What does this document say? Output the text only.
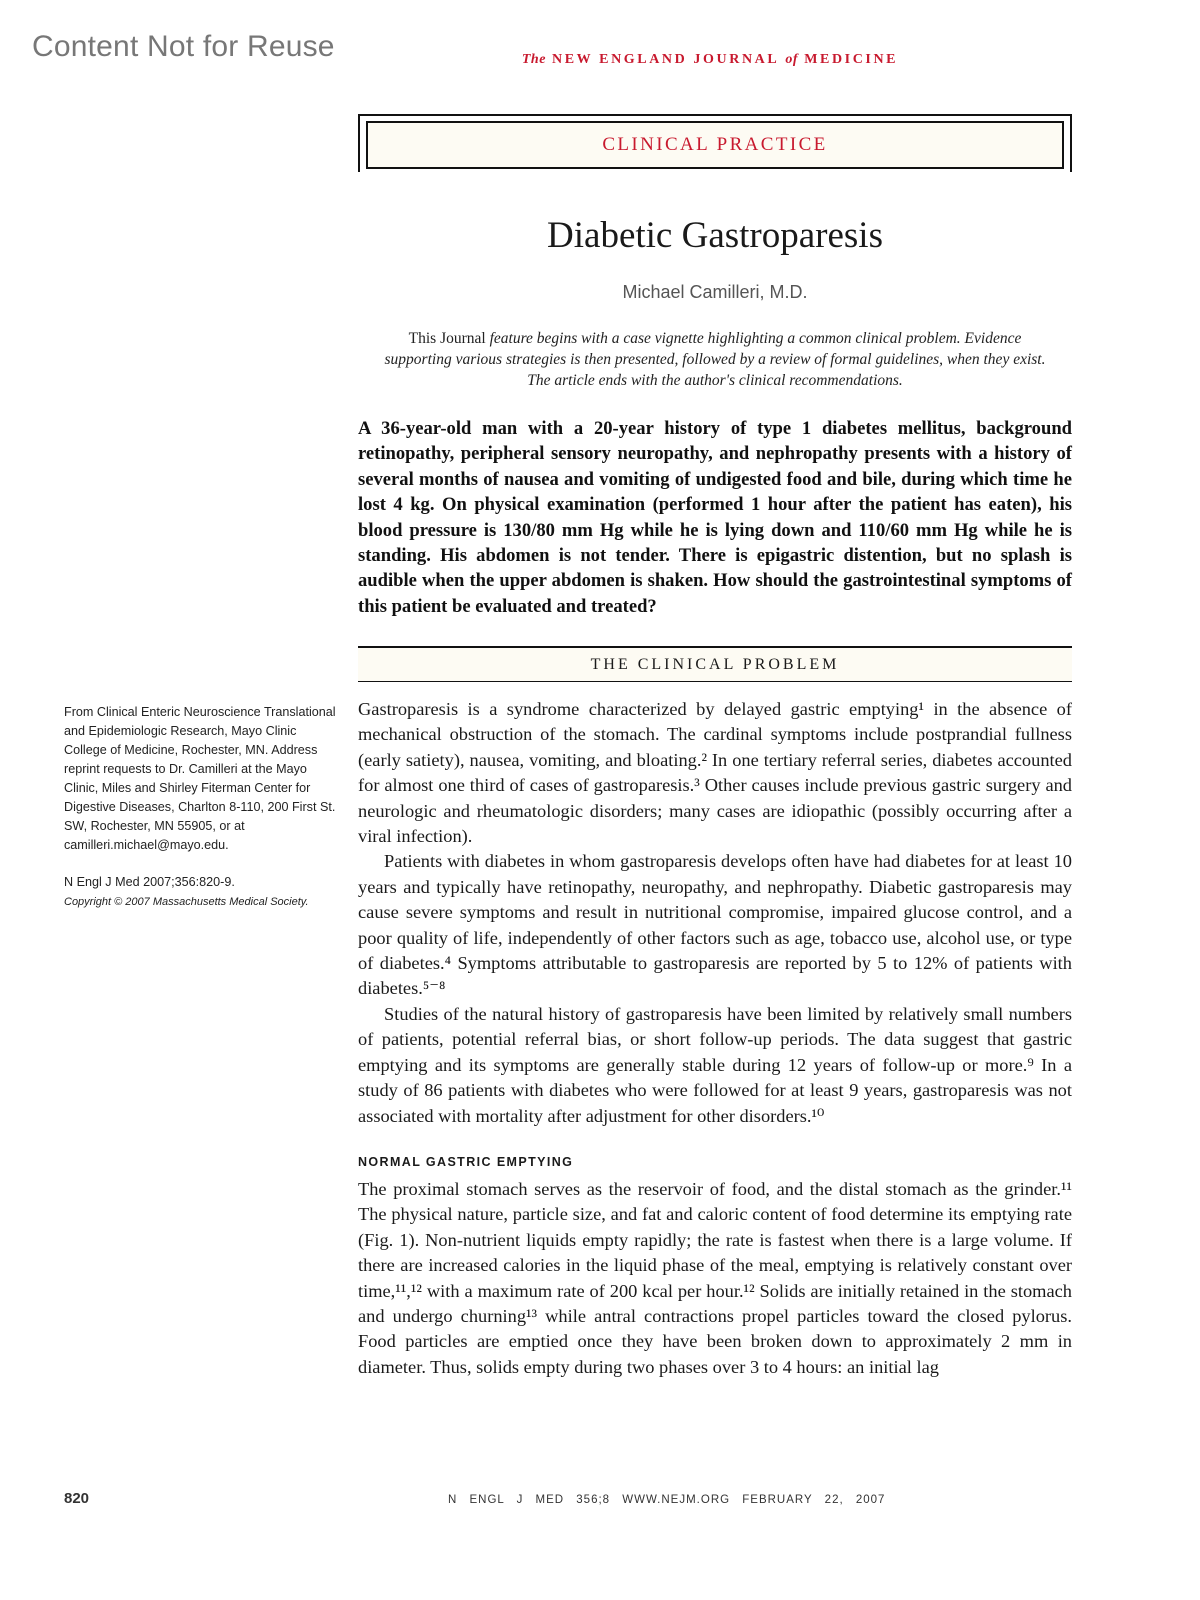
Content Not for Reuse	The NEW ENGLAND JOURNAL of MEDICINE
CLINICAL PRACTICE
Diabetic Gastroparesis
Michael Camilleri, M.D.

This Journal feature begins with a case vignette highlighting a common clinical problem. Evidence supporting various strategies is then presented, followed by a review of formal guidelines, when they exist. The article ends with the author's clinical recommendations.

A 36-year-old man with a 20-year history of type 1 diabetes mellitus, background retinopathy, peripheral sensory neuropathy, and nephropathy presents with a history of several months of nausea and vomiting of undigested food and bile, during which time he lost 4 kg. On physical examination (performed 1 hour after the patient has eaten), his blood pressure is 130/80 mm Hg while he is lying down and 110/60 mm Hg while he is standing. His abdomen is not tender. There is epigastric distention, but no splash is audible when the upper abdomen is shaken. How should the gastrointestinal symptoms of this patient be evaluated and treated?

THE CLINICAL PROBLEM

From Clinical Enteric Neuroscience Translational and Epidemiologic Research, Mayo Clinic College of Medicine, Rochester, MN. Address reprint requests to Dr. Camilleri at the Mayo Clinic, Miles and Shirley Fiterman Center for Digestive Diseases, Charlton 8-110, 200 First St. SW, Rochester, MN 55905, or at camilleri.michael@mayo.edu.

N Engl J Med 2007;356:820-9.

Copyright © 2007 Massachusetts Medical Society.

Gastroparesis is a syndrome characterized by delayed gastric emptying¹ in the absence of mechanical obstruction of the stomach. The cardinal symptoms include postprandial fullness (early satiety), nausea, vomiting, and bloating.² In one tertiary referral series, diabetes accounted for almost one third of cases of gastroparesis.³ Other causes include previous gastric surgery and neurologic and rheumatologic disorders; many cases are idiopathic (possibly occurring after a viral infection).

Patients with diabetes in whom gastroparesis develops often have had diabetes for at least 10 years and typically have retinopathy, neuropathy, and nephropathy. Diabetic gastroparesis may cause severe symptoms and result in nutritional compromise, impaired glucose control, and a poor quality of life, independently of other factors such as age, tobacco use, alcohol use, or type of diabetes.⁴ Symptoms attributable to gastroparesis are reported by 5 to 12% of patients with diabetes.⁵⁻⁸

Studies of the natural history of gastroparesis have been limited by relatively small numbers of patients, potential referral bias, or short follow-up periods. The data suggest that gastric emptying and its symptoms are generally stable during 12 years of follow-up or more.⁹ In a study of 86 patients with diabetes who were followed for at least 9 years, gastroparesis was not associated with mortality after adjustment for other disorders.¹⁰

NORMAL GASTRIC EMPTYING

The proximal stomach serves as the reservoir of food, and the distal stomach as the grinder.¹¹ The physical nature, particle size, and fat and caloric content of food determine its emptying rate (Fig. 1). Non-nutrient liquids empty rapidly; the rate is fastest when there is a large volume. If there are increased calories in the liquid phase of the meal, emptying is relatively constant over time,¹¹,¹² with a maximum rate of 200 kcal per hour.¹² Solids are initially retained in the stomach and undergo churning¹³ while antral contractions propel particles toward the closed pylorus. Food particles are emptied once they have been broken down to approximately 2 mm in diameter. Thus, solids empty during two phases over 3 to 4 hours: an initial lag

820	N ENGL J MED 356;8 WWW.NEJM.ORG FEBRUARY 22, 2007
